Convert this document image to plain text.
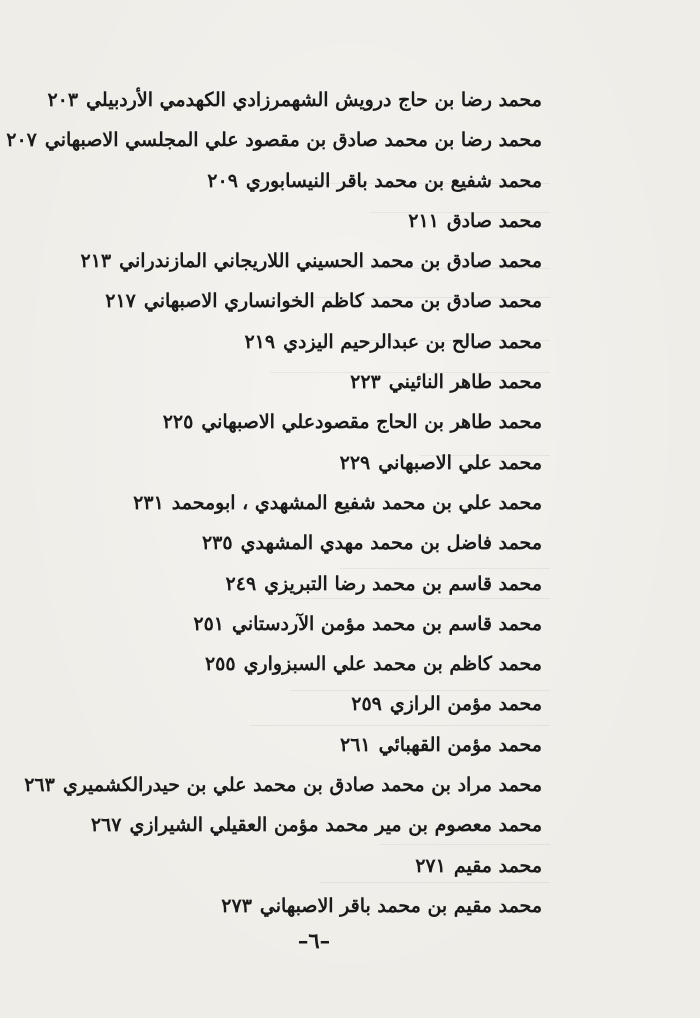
محمد رضا بن حاج درويش الشهمرزادي الكهدمي الأردبيلي٢٠٣
محمد رضا بن محمد صادق بن مقصود علي المجلسي الاصبهاني٢٠٧
محمد شفيع بن محمد باقر النيسابوري٢٠٩
محمد صادق٢١١
محمد صادق بن محمد الحسيني اللاريجاني المازندراني٢١٣
محمد صادق بن محمد كاظم الخوانساري الاصبهاني٢١٧
محمد صالح بن عبدالرحيم اليزدي٢١٩
محمد طاهر النائيني٢٢٣
محمد طاهر بن الحاج مقصودعلي الاصبهاني٢٢٥
محمد علي الاصبهاني٢٢٩
محمد علي بن محمد شفيع المشهدي ، ابومحمد٢٣١
محمد فاضل بن محمد مهدي المشهدي٢٣٥
محمد قاسم بن محمد رضا التبريزي٢٤٩
محمد قاسم بن محمد مؤمن الآردستاني٢٥١
محمد كاظم بن محمد علي السبزواري٢٥٥
محمد مؤمن الرازي٢٥٩
محمد مؤمن القهبائي٢٦١
محمد مراد بن محمد صادق بن محمد علي بن حيدرالكشميري٢٦٣
محمد معصوم بن مير محمد مؤمن العقيلي الشيرازي٢٦٧
محمد مقيم٢٧١
محمد مقيم بن محمد باقر الاصبهاني٢٧٣
–٦–
